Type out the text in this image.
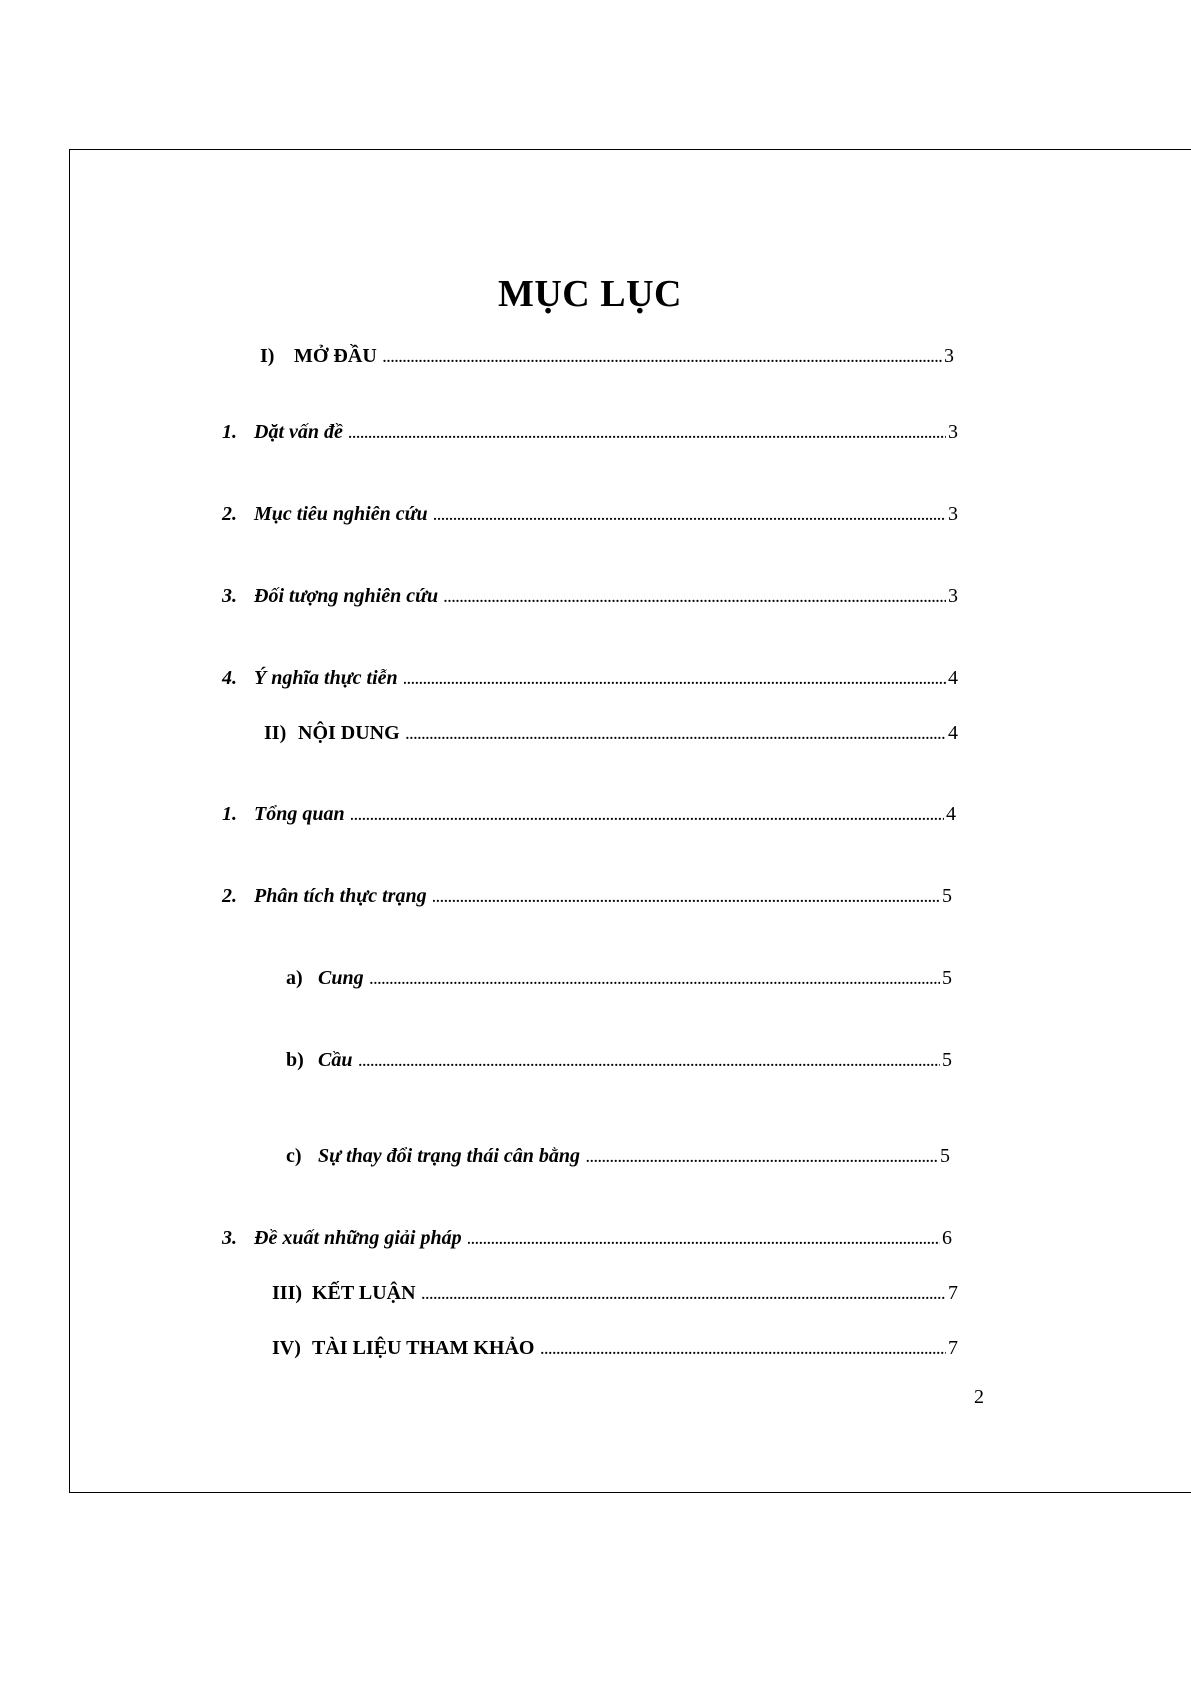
MỤC LỤC
I) MỞ ĐẦU .....	3
1. Dặt vấn đề .....	3
2. Mục tiêu nghiên cứu .....	3
3. Đối tượng nghiên cứu .....	3
4. Ý nghĩa thực tiễn .....	4
II) NỘI DUNG .....	4
1. Tổng quan .....	4
2. Phân tích thực trạng .....	5
a) Cung .....	5
b) Cầu .....	5
c) Sự thay đổi trạng thái cân bằng .....	5
3. Đề xuất những giải pháp .....	6
III) KẾT LUẬN .....	7
IV) TÀI LIỆU THAM KHẢO .....	7
2
